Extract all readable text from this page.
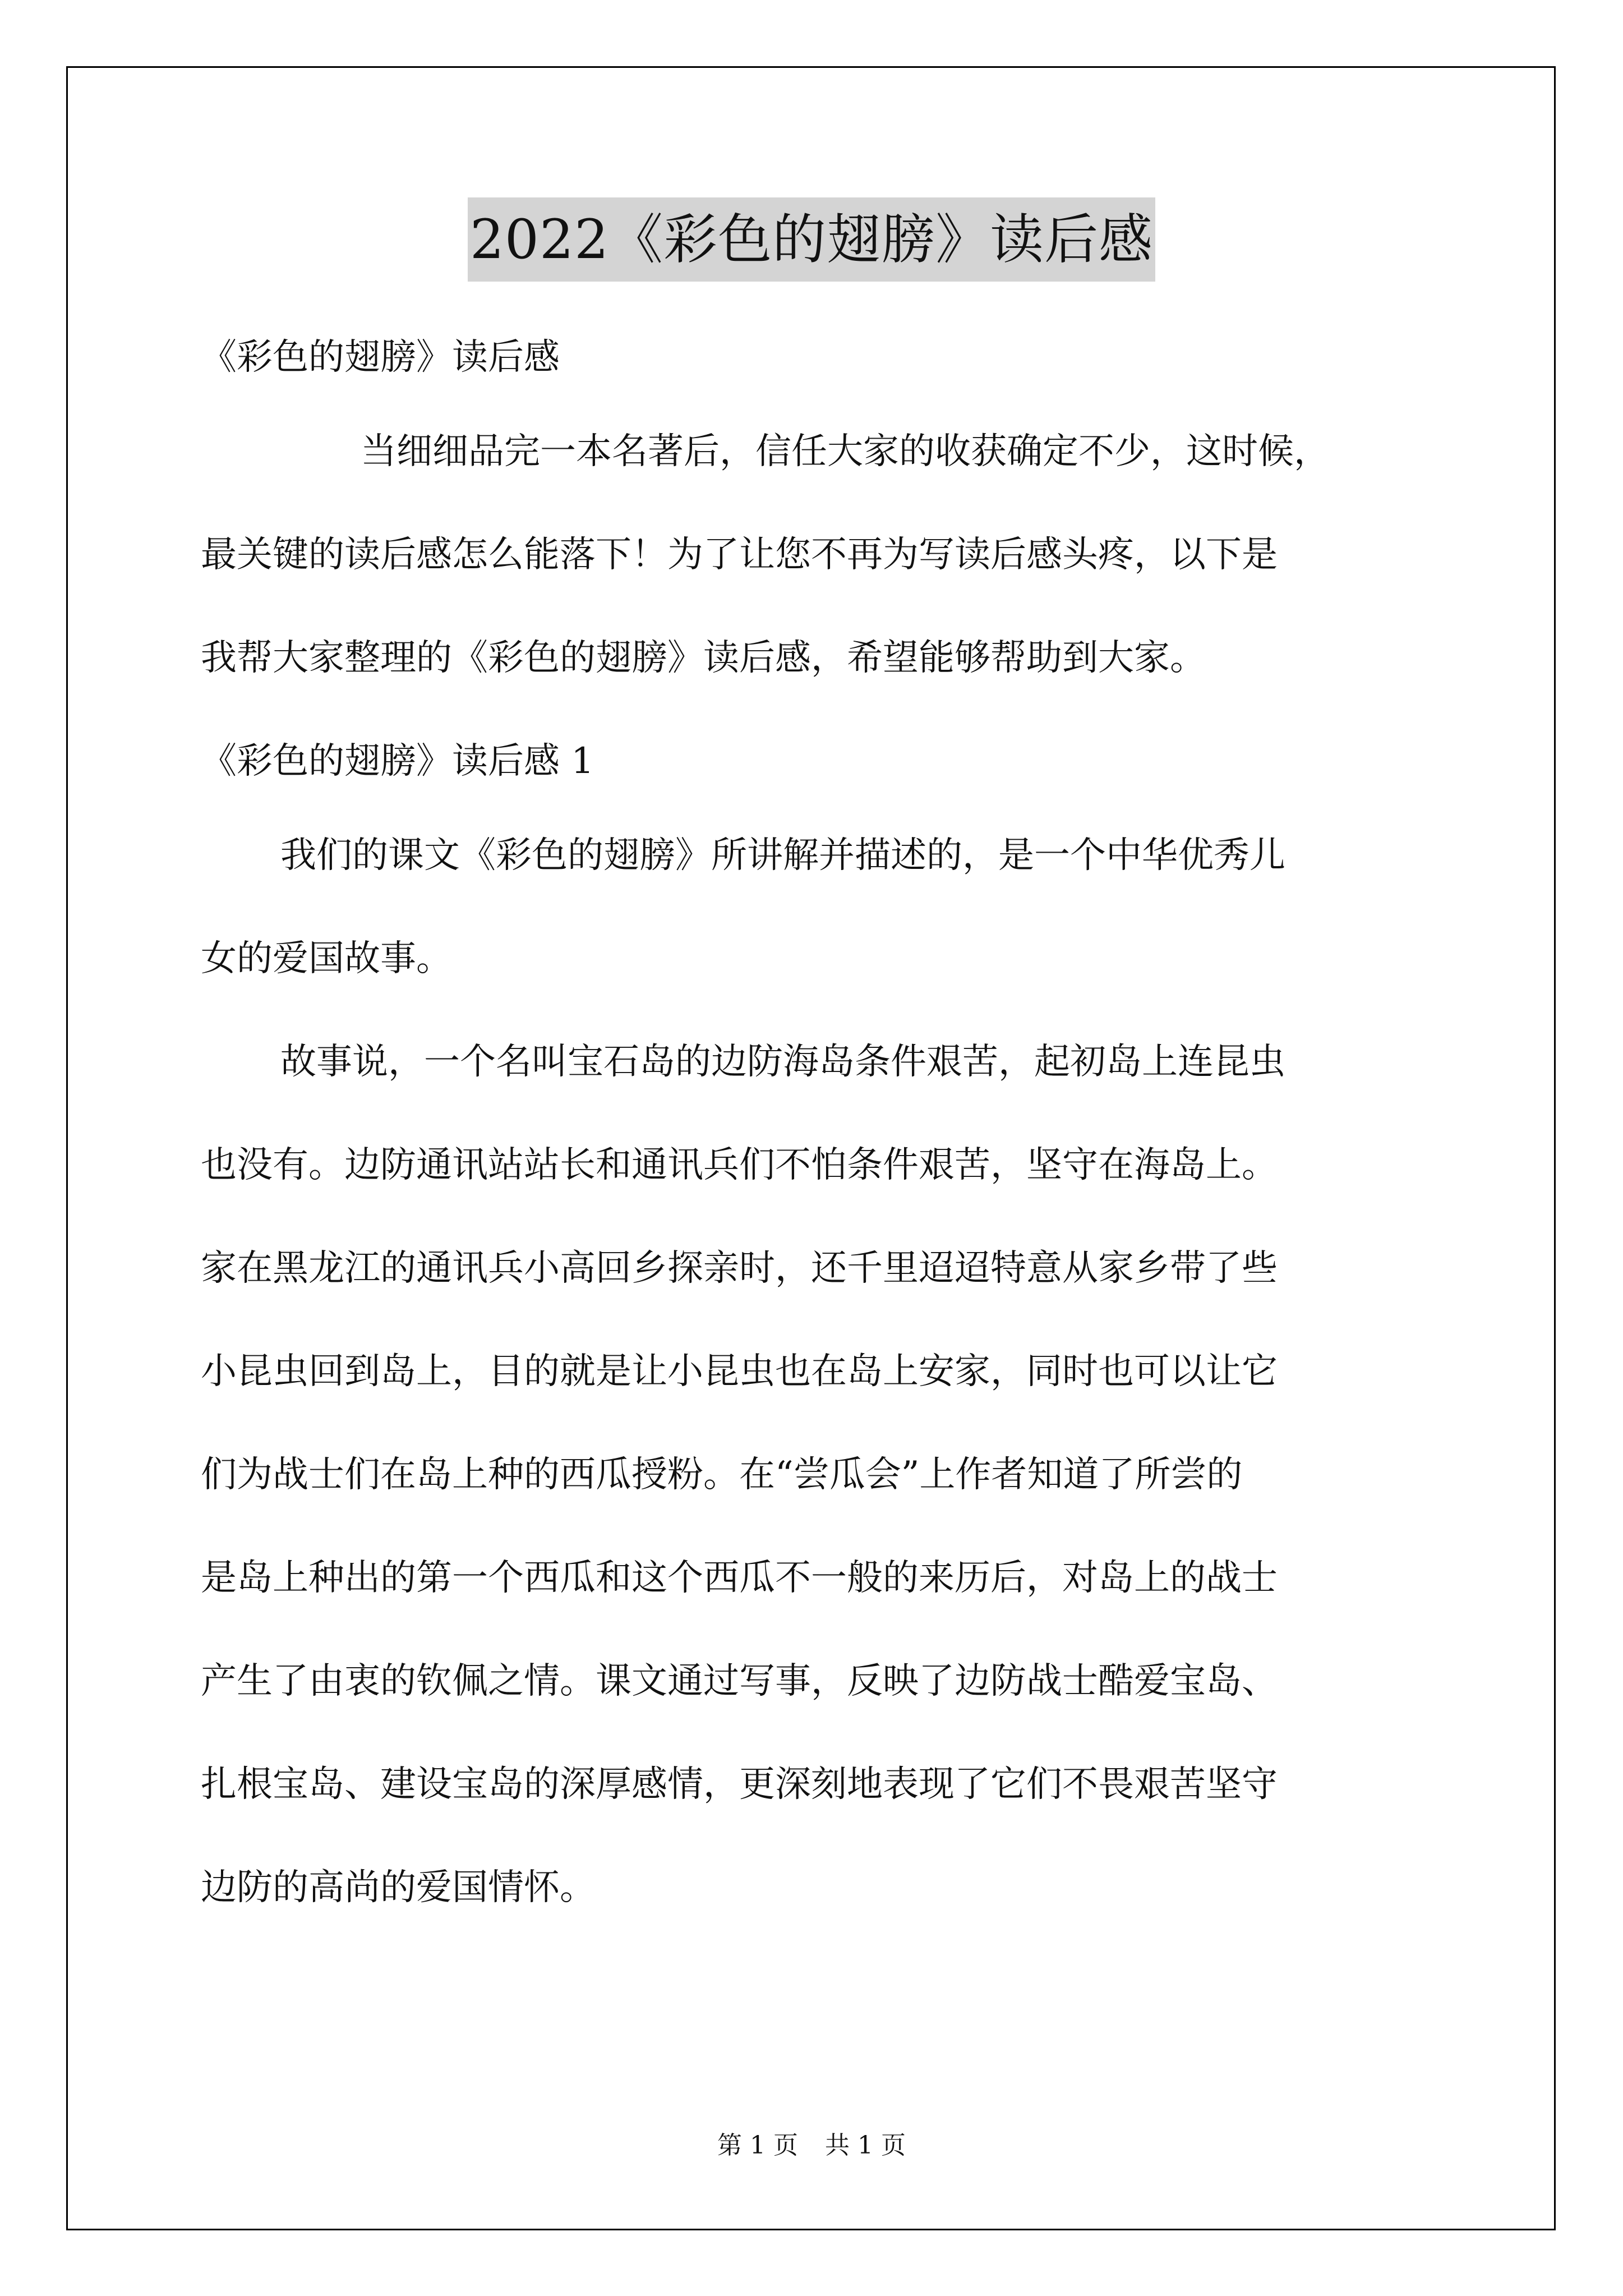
2022《彩色的翅膀》读后感
《彩色的翅膀》读后感
当细细品完一本名著后，信任大家的收获确定不少，这时候，
最关键的读后感怎么能落下！为了让您不再为写读后感头疼，以下是
我帮大家整理的《彩色的翅膀》读后感，希望能够帮助到大家。
《彩色的翅膀》读后感 1
我们的课文《彩色的翅膀》所讲解并描述的，是一个中华优秀儿
女的爱国故事。
故事说，一个名叫宝石岛的边防海岛条件艰苦，起初岛上连昆虫
也没有。边防通讯站站长和通讯兵们不怕条件艰苦，坚守在海岛上。
家在黑龙江的通讯兵小高回乡探亲时，还千里迢迢特意从家乡带了些
小昆虫回到岛上，目的就是让小昆虫也在岛上安家，同时也可以让它
们为战士们在岛上种的西瓜授粉。在“尝瓜会”上作者知道了所尝的
是岛上种出的第一个西瓜和这个西瓜不一般的来历后，对岛上的战士
产生了由衷的钦佩之情。课文通过写事，反映了边防战士酷爱宝岛、
扎根宝岛、建设宝岛的深厚感情，更深刻地表现了它们不畏艰苦坚守
边防的高尚的爱国情怀。
第 1 页 共 1 页
